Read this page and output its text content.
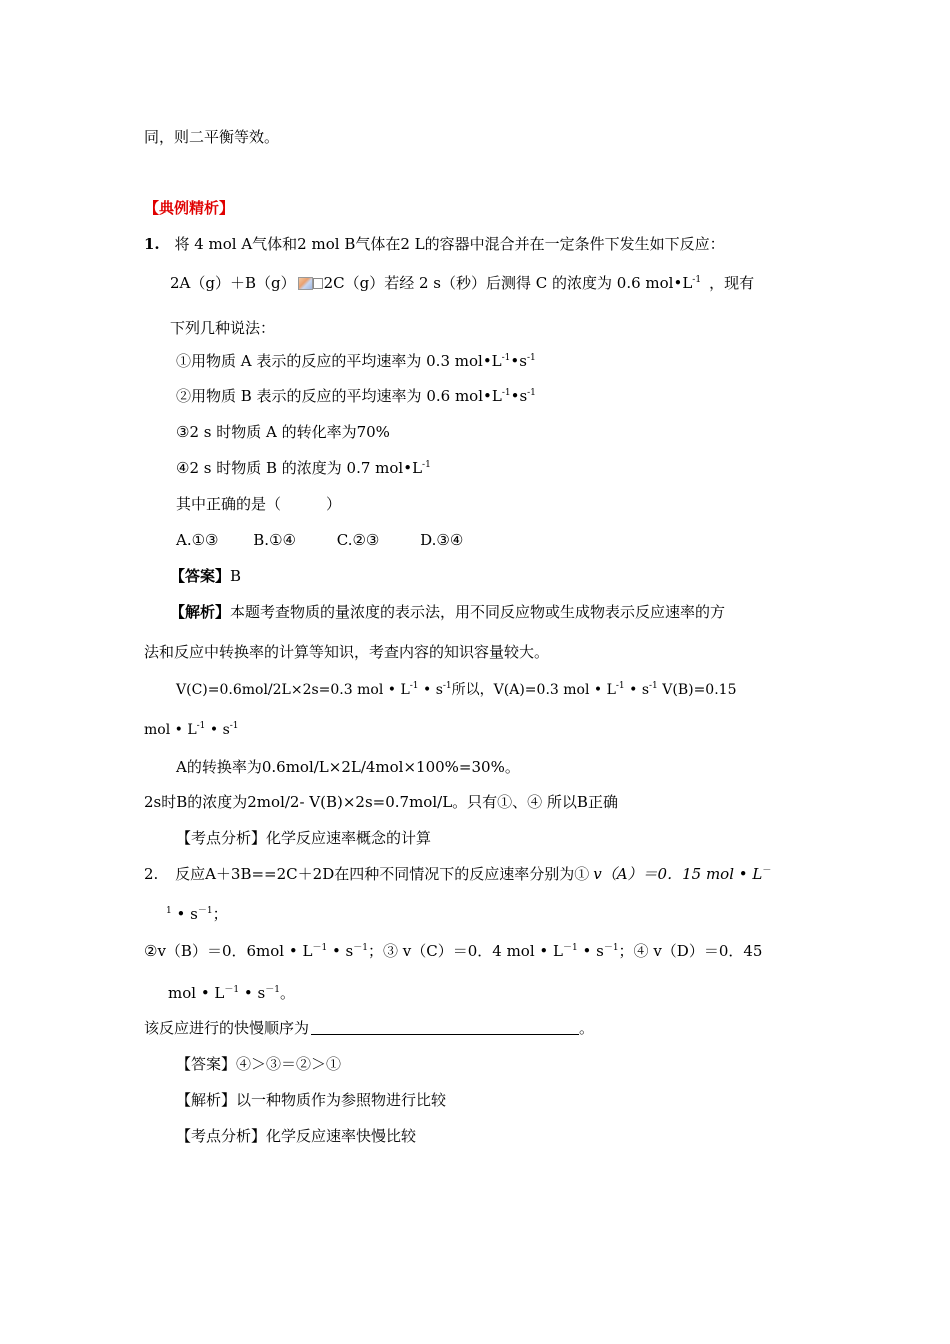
同，则二平衡等效。
【典例精析】
1. 将 4 mol A气体和2 mol B气体在2 L的容器中混合并在一定条件下发生如下反应：
2A（g）＋B（g） → 2C（g）若经 2 s（秒）后测得 C 的浓度为 0.6 $mol•L^{-1}$ ，现有
下列几种说法：
①用物质 A 表示的反应的平均速率为 0.3 $mol•L^{-1}•s^{-1}$
②用物质 B 表示的反应的平均速率为 0.6 $mol•L^{-1}•s^{-1}$
③2 s 时物质 A 的转化率为70%
④2 s 时物质 B 的浓度为 0.7 $mol•L^{-1}$
其中正确的是（　　　）
A.①③ B.①④	C.②③	D.③④
【答案】B
【解析】本题考查物质的量浓度的表示法，用不同反应物或生成物表示反应速率的方
法和反应中转换率的计算等知识，考查内容的知识容量较大。
V(C)=0.6mol/2L×2s=0.3 mol • $L^{-1}$ • $s^{-1}$所以，V(A)=0.3 mol • $L^{-1}$ • $s^{-1}$ V(B)=0.15
mol • $L^{-1}$ • $s^{-1}$
A的转换率为0.6mol/L×2L/4mol×100%=30%。
2s时B的浓度为2mol/2- V(B)×2s=0.7mol/L。只有①、④ 所以B正确
【考点分析】化学反应速率概念的计算
2. 反应A＋3B==2C＋2D在四种不同情况下的反应速率分别为① v（A）＝0．15 mol • L－
$^1$ • $s^{-1}$；
②v（B）＝0．6mol • $L^{-1}$ • $s^{-1}$；③ v（C）＝0．4 mol • $L^{-1}$ • $s^{-1}$；④ v（D）＝0．45
mol • $L^{-1}$ • $s^{-1}$。
该反应进行的快慢顺序为	。
【答案】④＞③＝②＞①
【解析】以一种物质作为参照物进行比较
【考点分析】化学反应速率快慢比较
